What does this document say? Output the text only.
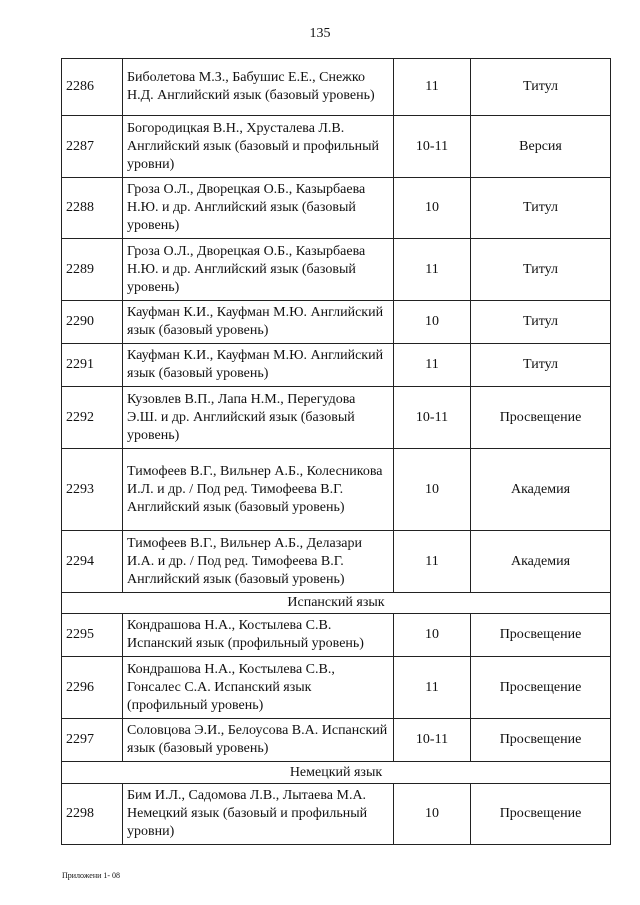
135
2286	Биболетова М.З., Бабушис Е.Е., Снежко Н.Д. Английский язык (базовый уровень)	11	Титул
2287	Богородицкая В.Н., Хрусталева Л.В. Английский язык (базовый и профильный уровни)	10-11	Версия
2288	Гроза О.Л., Дворецкая О.Б., Казырбаева Н.Ю. и др. Английский язык (базовый уровень)	10	Титул
2289	Гроза О.Л., Дворецкая О.Б., Казырбаева Н.Ю. и др. Английский язык (базовый уровень)	11	Титул
2290	Кауфман К.И., Кауфман М.Ю. Английский язык (базовый уровень)	10	Титул
2291	Кауфман К.И., Кауфман М.Ю. Английский язык (базовый уровень)	11	Титул
2292	Кузовлев В.П., Лапа Н.М., Перегудова Э.Ш. и др. Английский язык (базовый уровень)	10-11	Просвещение
2293	Тимофеев В.Г., Вильнер А.Б., Колесникова И.Л. и др. / Под ред. Тимофеева В.Г. Английский язык (базовый уровень)	10	Академия
2294	Тимофеев В.Г., Вильнер А.Б., Делазари И.А. и др. / Под ред. Тимофеева В.Г. Английский язык (базовый уровень)	11	Академия
Испанский язык			
2295	Кондрашова Н.А., Костылева С.В. Испанский язык (профильный уровень)	10	Просвещение
2296	Кондрашова Н.А., Костылева С.В., Гонсалес С.А. Испанский язык (профильный уровень)	11	Просвещение
2297	Соловцова Э.И., Белоусова В.А. Испанский язык (базовый уровень)	10-11	Просвещение
Немецкий язык			
2298	Бим И.Л., Садомова Л.В., Лытаева М.А. Немецкий язык (базовый и профильный уровни)	10	Просвещение
Приложени 1- 08
